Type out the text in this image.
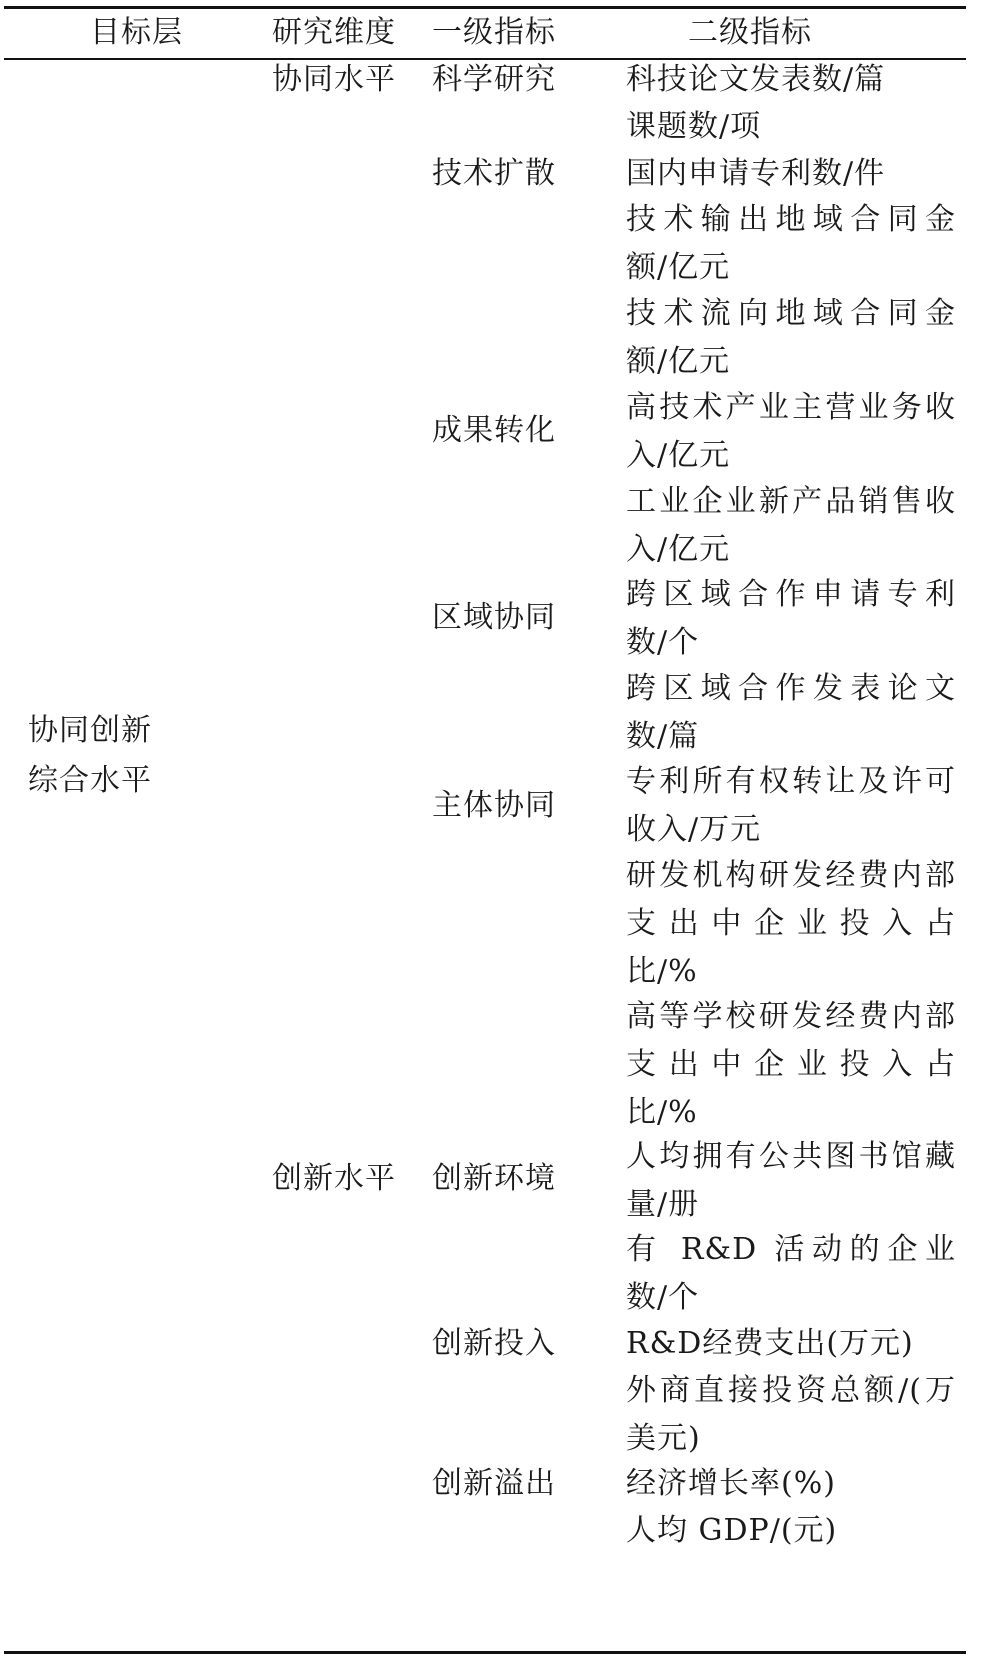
目标层	研究维度 一级指标	二级指标
协同创新
综合水平
协同水平
创新水平
科学研究
技术扩散
成果转化
区域协同
主体协同
创新环境
创新投入
创新溢出
科技论文发表数/篇
课题数/项
国内申请专利数/件
技术输出地域合同金
额/亿元
技术流向地域合同金
额/亿元
高技术产业主营业务收
入/亿元
工业企业新产品销售收
入/亿元
跨区域合作申请专利
数/个
跨区域合作发表论文
数/篇
专利所有权转让及许可
收入/万元
研发机构研发经费内部
支出中企业投入占
比/%
高等学校研发经费内部
支出中企业投入占
比/%
人均拥有公共图书馆藏
量/册
有 R&D 活动的企业
数/个
R&D经费支出(万元)
外商直接投资总额/(万
美元)
经济增长率(%)
人均 GDP/(元)
